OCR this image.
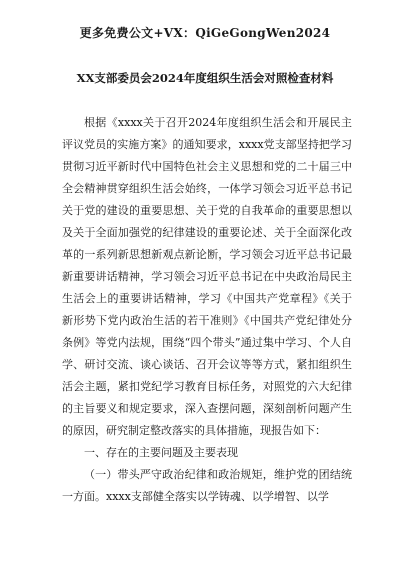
更多免费公文+VX：QiGeGongWen2024
XX支部委员会2024年度组织生活会对照检查材料

根据《xxxx关于召开2024年度组织生活会和开展民主评议党员的实施方案》的通知要求，xxxx党支部坚持把学习贯彻习近平新时代中国特色社会主义思想和党的二十届三中全会精神贯穿组织生活会始终，一体学习领会习近平总书记关于党的建设的重要思想、关于党的自我革命的重要思想以及关于全面加强党的纪律建设的重要论述、关于全面深化改革的一系列新思想新观点新论断，学习领会习近平总书记最新重要讲话精神，学习领会习近平总书记在中央政治局民主生活会上的重要讲话精神，学习《中国共产党章程》《关于新形势下党内政治生活的若干准则》《中国共产党纪律处分条例》等党内法规，围绕“四个带头”通过集中学习、个人自学、研讨交流、谈心谈话、召开会议等等方式，紧扣组织生活会主题，紧扣党纪学习教育目标任务，对照党的六大纪律的主旨要义和规定要求，深入查摆问题，深刻剖析问题产生的原因，研究制定整改落实的具体措施，现报告如下：

一、存在的主要问题及主要表现

（一）带头严守政治纪律和政治规矩，维护党的团结统一方面。xxxx支部健全落实以学铸魂、以学增智、以学
